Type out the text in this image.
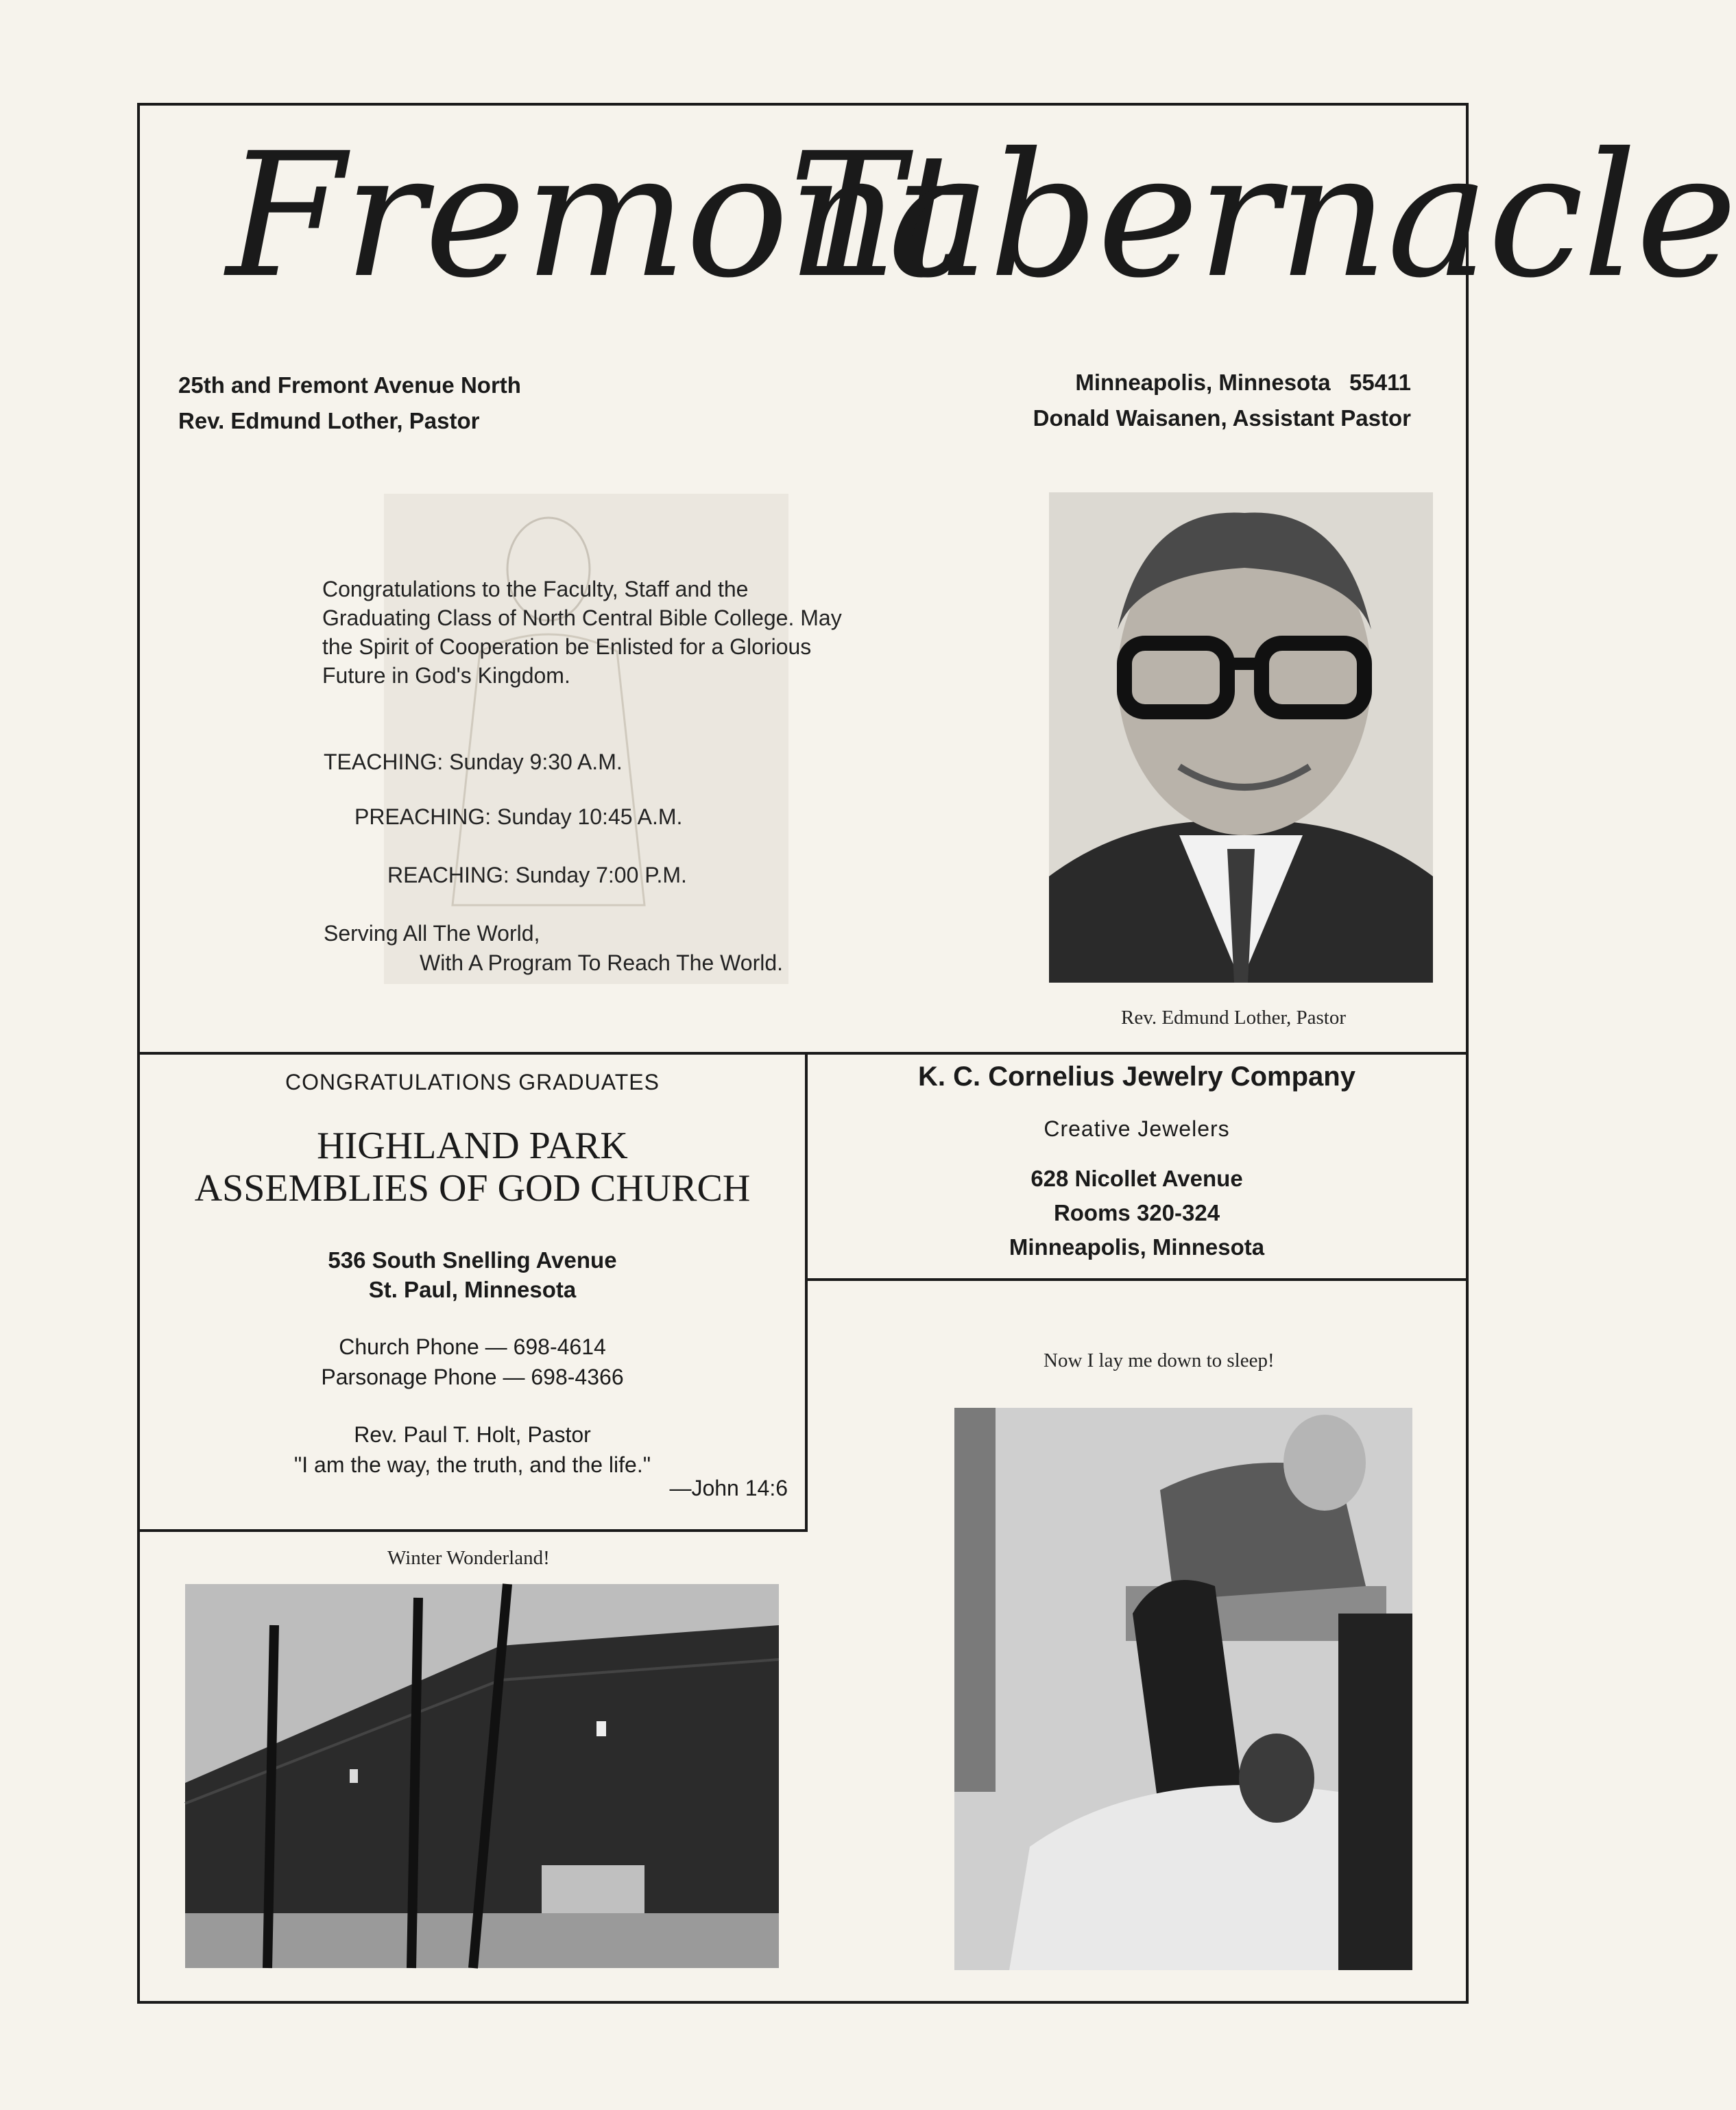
Fremont
Tabernacle
25th and Fremont Avenue North
Rev. Edmund Lother, Pastor
Minneapolis, Minnesota   55411
Donald Waisanen, Assistant Pastor
Congratulations to the Faculty, Staff and the Graduating Class of North Central Bible College. May the Spirit of Cooperation be Enlisted for a Glorious Future in God's Kingdom.
TEACHING: Sunday 9:30 A.M.
PREACHING: Sunday 10:45 A.M.
REACHING: Sunday 7:00 P.M.
Serving All The World,
With A Program To Reach The World.
Rev. Edmund Lother, Pastor
CONGRATULATIONS GRADUATES
HIGHLAND PARK
ASSEMBLIES OF GOD CHURCH
536 South Snelling Avenue
St. Paul, Minnesota
Church Phone — 698-4614
Parsonage Phone — 698-4366
Rev. Paul T. Holt, Pastor
"I am the way, the truth, and the life."
—John 14:6
K. C. Cornelius Jewelry Company
Creative Jewelers
628 Nicollet Avenue
Rooms 320-324
Minneapolis, Minnesota
Winter Wonderland!
Now I lay me down to sleep!
